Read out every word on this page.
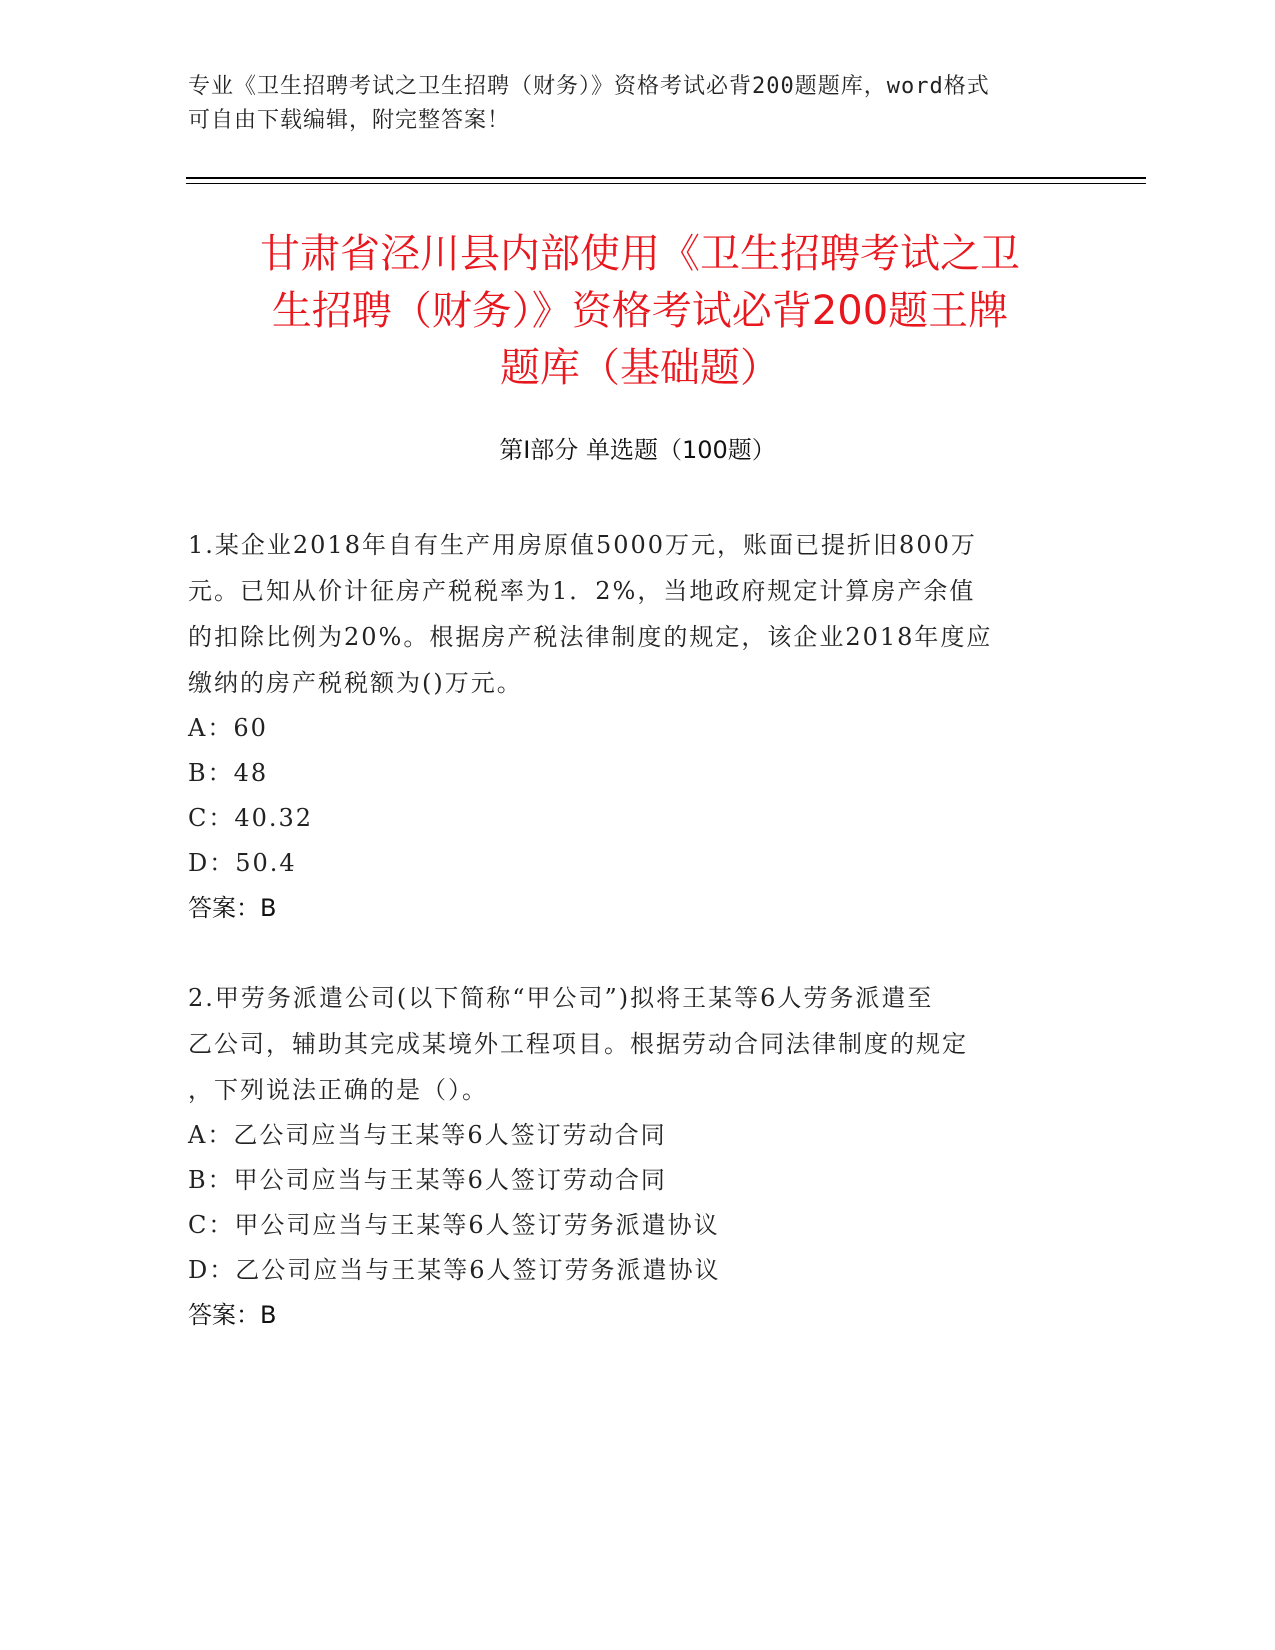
专业《卫生招聘考试之卫生招聘（财务）》资格考试必背200题题库，word格式

可自由下载编辑，附完整答案！

甘肃省泾川县内部使用《卫生招聘考试之卫
生招聘（财务）》资格考试必背200题王牌
题库（基础题）
第Ⅰ部分 单选题（100题）

1.某企业2018年自有生产用房原值5000万元，账面已提折旧800万

元。已知从价计征房产税税率为1．2%，当地政府规定计算房产余值

的扣除比例为20%。根据房产税法律制度的规定，该企业2018年度应

缴纳的房产税税额为()万元。

A：60

B：48

C：40.32

D：50.4

答案：B

2.甲劳务派遣公司(以下简称“甲公司”)拟将王某等6人劳务派遣至

乙公司，辅助其完成某境外工程项目。根据劳动合同法律制度的规定

，下列说法正确的是（）。

A：乙公司应当与王某等6人签订劳动合同

B：甲公司应当与王某等6人签订劳动合同

C：甲公司应当与王某等6人签订劳务派遣协议

D：乙公司应当与王某等6人签订劳务派遣协议

答案：B
